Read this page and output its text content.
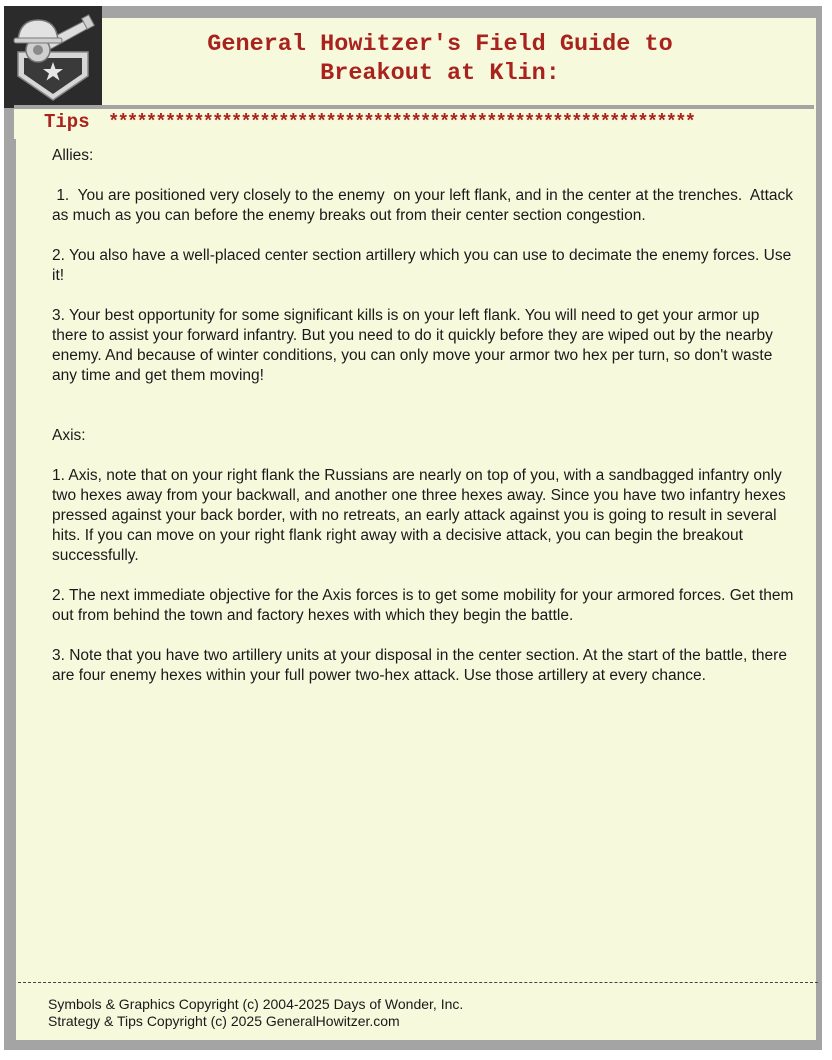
General Howitzer's Field Guide to
Breakout at Klin:
Tips **************************************************************

Allies:

1.  You are positioned very closely to the enemy  on your left flank, and in the center at the trenches.  Attack as much as you can before the enemy breaks out from their center section congestion.

2. You also have a well-placed center section artillery which you can use to decimate the enemy forces. Use it!

3. Your best opportunity for some significant kills is on your left flank. You will need to get your armor up there to assist your forward infantry. But you need to do it quickly before they are wiped out by the nearby enemy. And because of winter conditions, you can only move your armor two hex per turn, so don't waste any time and get them moving!

Axis:

1. Axis, note that on your right flank the Russians are nearly on top of you, with a sandbagged infantry only two hexes away from your backwall, and another one three hexes away. Since you have two infantry hexes pressed against your back border, with no retreats, an early attack against you is going to result in several hits. If you can move on your right flank right away with a decisive attack, you can begin the breakout successfully.

2. The next immediate objective for the Axis forces is to get some mobility for your armored forces. Get them out from behind the town and factory hexes with which they begin the battle.

3. Note that you have two artillery units at your disposal in the center section. At the start of the battle, there are four enemy hexes within your full power two-hex attack. Use those artillery at every chance.

Symbols & Graphics Copyright (c) 2004-2025 Days of Wonder, Inc.
Strategy & Tips Copyright (c) 2025 GeneralHowitzer.com
